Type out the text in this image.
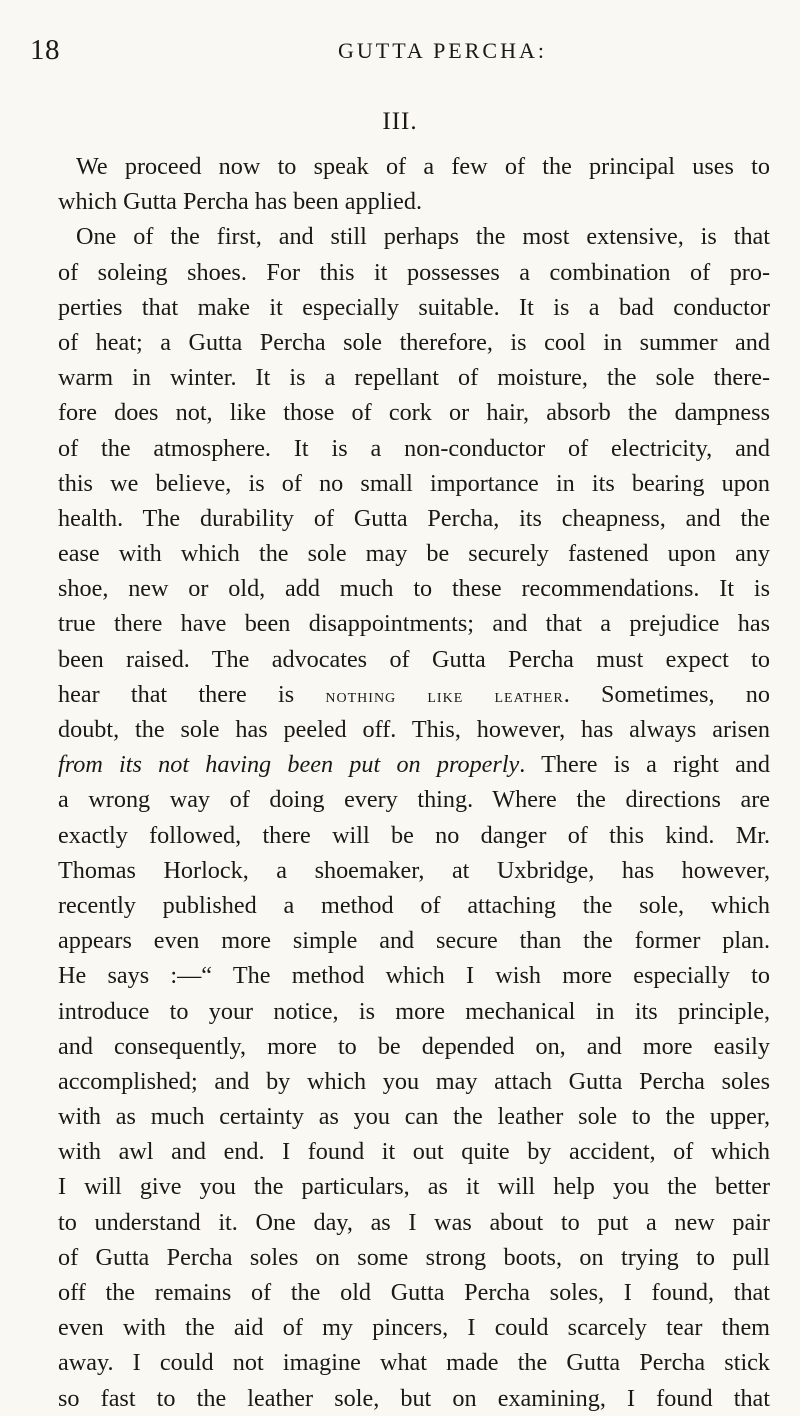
18	GUTTA PERCHA:
III.
We proceed now to speak of a few of the principal uses to
which Gutta Percha has been applied.
One of the first, and still perhaps the most extensive, is that
of soleing shoes. For this it possesses a combination of pro-
perties that make it especially suitable. It is a bad conductor
of heat; a Gutta Percha sole therefore, is cool in summer and
warm in winter. It is a repellant of moisture, the sole there-
fore does not, like those of cork or hair, absorb the dampness
of the atmosphere. It is a non-conductor of electricity, and
this we believe, is of no small importance in its bearing upon
health. The durability of Gutta Percha, its cheapness, and the
ease with which the sole may be securely fastened upon any
shoe, new or old, add much to these recommendations. It is
true there have been disappointments; and that a prejudice has
been raised. The advocates of Gutta Percha must expect to
hear that there is nothing like leather. Sometimes, no
doubt, the sole has peeled off. This, however, has always arisen
from its not having been put on properly. There is a right and
a wrong way of doing every thing. Where the directions are
exactly followed, there will be no danger of this kind. Mr.
Thomas Horlock, a shoemaker, at Uxbridge, has however,
recently published a method of attaching the sole, which
appears even more simple and secure than the former plan.
He says :—“ The method which I wish more especially to
introduce to your notice, is more mechanical in its principle,
and consequently, more to be depended on, and more easily
accomplished; and by which you may attach Gutta Percha soles
with as much certainty as you can the leather sole to the upper,
with awl and end. I found it out quite by accident, of which
I will give you the particulars, as it will help you the better
to understand it. One day, as I was about to put a new pair
of Gutta Percha soles on some strong boots, on trying to pull
off the remains of the old Gutta Percha soles, I found, that
even with the aid of my pincers, I could scarcely tear them
away. I could not imagine what made the Gutta Percha stick
so fast to the leather sole, but on examining, I found that
